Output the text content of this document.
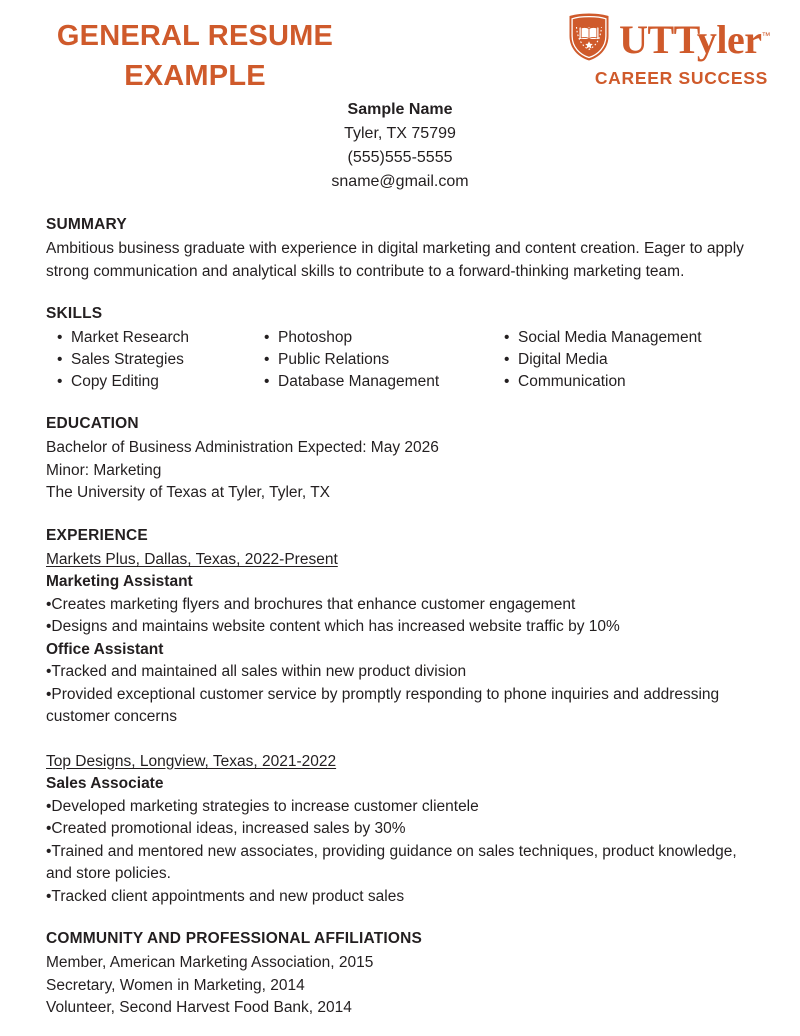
GENERAL RESUME
EXAMPLE
UTTyler™
CAREER SUCCESS
Sample Name
Tyler, TX 75799
(555)555-5555
sname@gmail.com
SUMMARY
Ambitious business graduate with experience in digital marketing and content creation. Eager to apply strong communication and analytical skills to contribute to a forward-thinking marketing team.
SKILLS
• Market Research
• Sales Strategies
• Copy Editing
• Photoshop
• Public Relations
• Database Management
• Social Media Management
• Digital Media
• Communication
EDUCATION
Bachelor of Business Administration Expected: May 2026
Minor: Marketing
The University of Texas at Tyler, Tyler, TX
EXPERIENCE
Markets Plus, Dallas, Texas, 2022-Present
Marketing Assistant
•Creates marketing flyers and brochures that enhance customer engagement
•Designs and maintains website content which has increased website traffic by 10%
Office Assistant
•Tracked and maintained all sales within new product division
•Provided exceptional customer service by promptly responding to phone inquiries and addressing customer concerns
Top Designs, Longview, Texas, 2021-2022
Sales Associate
•Developed marketing strategies to increase customer clientele
•Created promotional ideas, increased sales by 30%
•Trained and mentored new associates, providing guidance on sales techniques, product knowledge, and store policies.
•Tracked client appointments and new product sales
COMMUNITY AND PROFESSIONAL AFFILIATIONS
Member, American Marketing Association, 2015
Secretary, Women in Marketing, 2014
Volunteer, Second Harvest Food Bank, 2014
